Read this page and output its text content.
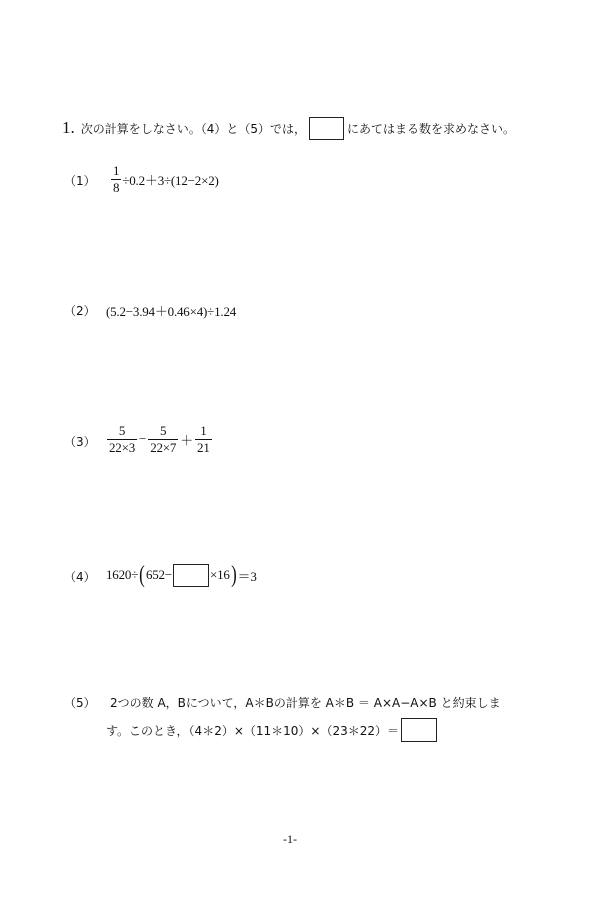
1. 次の計算をしなさい。（4）と（5）では，	にあてはまる数を求めなさい。
$(1) \frac{1}{8} \div 0.2+3\div(12-2\times 2)$
（2） (5.2−3.94＋0.46×4)÷1.24
$(3) \frac{5}{22\times 3} - \frac{5}{22\times 7} + \frac{1}{21}$
（4） 1620÷ ( 652−	×16 ) ＝3
（5） 2つの数 A，Bについて，A＊Bの計算を A＊B ＝ A×A−A×B と約束しま
す。このとき，（4＊2）×（11＊10）×（23＊22）＝
-1-
